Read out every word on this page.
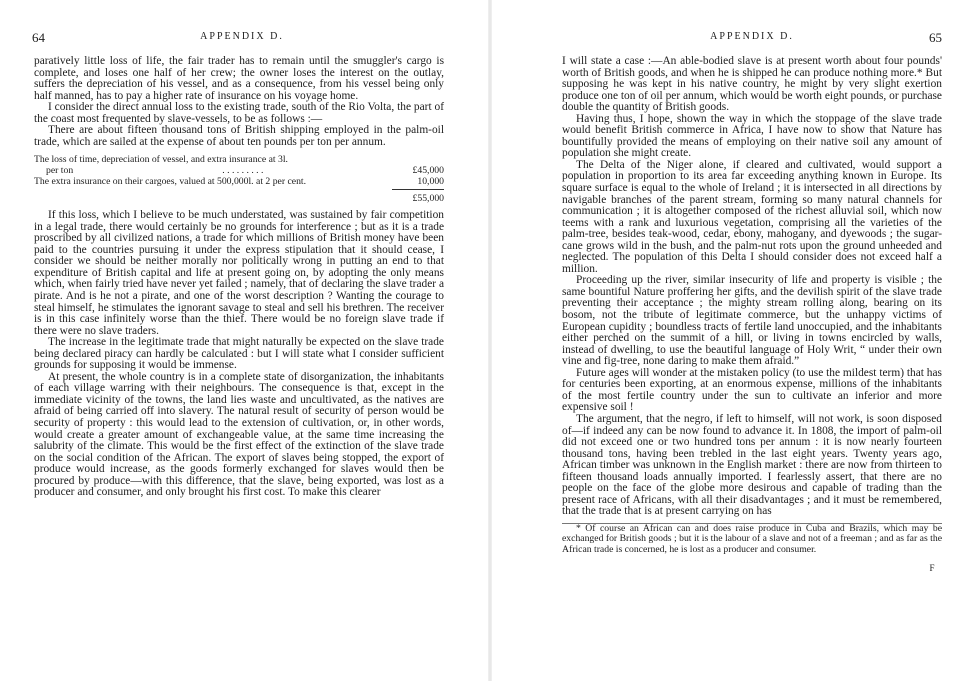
64	APPENDIX D.

paratively little loss of life, the fair trader has to remain until the smuggler's cargo is complete, and loses one half of her crew; the owner loses the interest on the outlay, suffers the depreciation of his vessel, and as a consequence, from his vessel being only half manned, has to pay a higher rate of insurance on his voyage home.

I consider the direct annual loss to the existing trade, south of the Rio Volta, the part of the coast most frequented by slave-vessels, to be as follows :—

There are about fifteen thousand tons of British shipping employed in the palm-oil trade, which are sailed at the expense of about ten pounds per ton per annum.

The loss of time, depreciation of vessel, and extra insurance at 3l.
per ton	. . . . . . . . .	£45,000
The extra insurance on their cargoes, valued at 500,000l. at 2 per cent.	10,000
£55,000

If this loss, which I believe to be much understated, was sustained by fair competition in a legal trade, there would certainly be no grounds for interference ; but as it is a trade proscribed by all civilized nations, a trade for which millions of British money have been paid to the countries pursuing it under the express stipulation that it should cease, I consider we should be neither morally nor politically wrong in putting an end to that expenditure of British capital and life at present going on, by adopting the only means which, when fairly tried have never yet failed ; namely, that of declaring the slave trader a pirate. And is he not a pirate, and one of the worst description ? Wanting the courage to steal himself, he stimulates the ignorant savage to steal and sell his brethren. The receiver is in this case infinitely worse than the thief. There would be no foreign slave trade if there were no slave traders.

The increase in the legitimate trade that might naturally be expected on the slave trade being declared piracy can hardly be calculated : but I will state what I consider sufficient grounds for supposing it would be immense.

At present, the whole country is in a complete state of disorganization, the inhabitants of each village warring with their neighbours. The consequence is that, except in the immediate vicinity of the towns, the land lies waste and uncultivated, as the natives are afraid of being carried off into slavery. The natural result of security of person would be security of property : this would lead to the extension of cultivation, or, in other words, would create a greater amount of exchangeable value, at the same time increasing the salubrity of the climate. This would be the first effect of the extinction of the slave trade on the social condition of the African. The export of slaves being stopped, the export of produce would increase, as the goods formerly exchanged for slaves would then be procured by produce—with this difference, that the slave, being exported, was lost as a producer and consumer, and only brought his first cost. To make this clearer

APPENDIX D.	65

I will state a case :—An able-bodied slave is at present worth about four pounds' worth of British goods, and when he is shipped he can produce nothing more.* But supposing he was kept in his native country, he might by very slight exertion produce one ton of oil per annum, which would be worth eight pounds, or purchase double the quantity of British goods.

Having thus, I hope, shown the way in which the stoppage of the slave trade would benefit British commerce in Africa, I have now to show that Nature has bountifully provided the means of employing on their native soil any amount of population she might create.

The Delta of the Niger alone, if cleared and cultivated, would support a population in proportion to its area far exceeding anything known in Europe. Its square surface is equal to the whole of Ireland ; it is intersected in all directions by navigable branches of the parent stream, forming so many natural channels for communication ; it is altogether composed of the richest alluvial soil, which now teems with a rank and luxurious vegetation, comprising all the varieties of the palm-tree, besides teak-wood, cedar, ebony, mahogany, and dyewoods ; the sugar-cane grows wild in the bush, and the palm-nut rots upon the ground unheeded and neglected. The population of this Delta I should consider does not exceed half a million.

Proceeding up the river, similar insecurity of life and property is visible ; the same bountiful Nature proffering her gifts, and the devilish spirit of the slave trade preventing their acceptance ; the mighty stream rolling along, bearing on its bosom, not the tribute of legitimate commerce, but the unhappy victims of European cupidity ; boundless tracts of fertile land unoccupied, and the inhabitants either perched on the summit of a hill, or living in towns encircled by walls, instead of dwelling, to use the beautiful language of Holy Writ, “ under their own vine and fig-tree, none daring to make them afraid.”

Future ages will wonder at the mistaken policy (to use the mildest term) that has for centuries been exporting, at an enormous expense, millions of the inhabitants of the most fertile country under the sun to cultivate an inferior and more expensive soil !

The argument, that the negro, if left to himself, will not work, is soon disposed of—if indeed any can be now found to advance it. In 1808, the import of palm-oil did not exceed one or two hundred tons per annum : it is now nearly fourteen thousand tons, having been trebled in the last eight years. Twenty years ago, African timber was unknown in the English market : there are now from thirteen to fifteen thousand loads annually imported. I fearlessly assert, that there are no people on the face of the globe more desirous and capable of trading than the present race of Africans, with all their disadvantages ; and it must be remembered, that the trade that is at present carrying on has

* Of course an African can and does raise produce in Cuba and Brazils, which may be exchanged for British goods ; but it is the labour of a slave and not of a freeman ; and as far as the African trade is concerned, he is lost as a producer and consumer.

F
